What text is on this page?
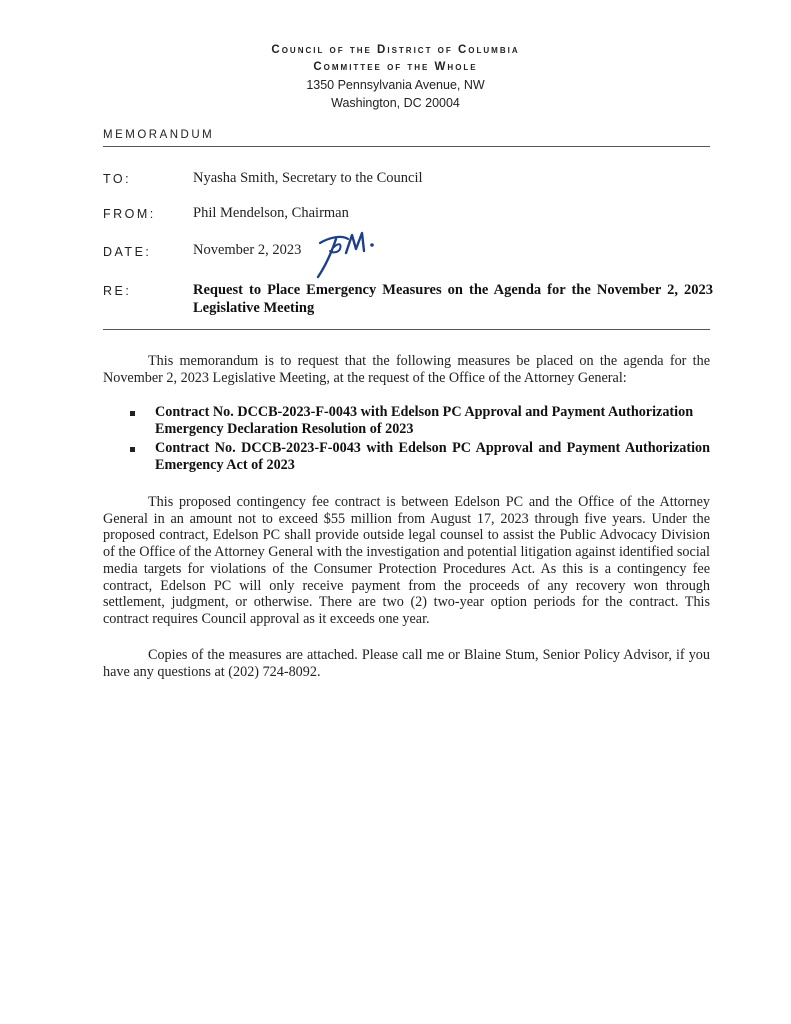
Council of the District of Columbia
Committee of the Whole
1350 Pennsylvania Avenue, NW
Washington, DC 20004
MEMORANDUM
TO:	Nyasha Smith, Secretary to the Council
FROM:	Phil Mendelson, Chairman
DATE:	November 2, 2023
RE:	Request to Place Emergency Measures on the Agenda for the November 2, 2023 Legislative Meeting
This memorandum is to request that the following measures be placed on the agenda for the November 2, 2023 Legislative Meeting, at the request of the Office of the Attorney General:
Contract No. DCCB-2023-F-0043 with Edelson PC Approval and Payment Authorization Emergency Declaration Resolution of 2023
Contract No. DCCB-2023-F-0043 with Edelson PC Approval and Payment Authorization Emergency Act of 2023
This proposed contingency fee contract is between Edelson PC and the Office of the Attorney General in an amount not to exceed $55 million from August 17, 2023 through five years. Under the proposed contract, Edelson PC shall provide outside legal counsel to assist the Public Advocacy Division of the Office of the Attorney General with the investigation and potential litigation against identified social media targets for violations of the Consumer Protection Procedures Act. As this is a contingency fee contract, Edelson PC will only receive payment from the proceeds of any recovery won through settlement, judgment, or otherwise. There are two (2) two-year option periods for the contract. This contract requires Council approval as it exceeds one year.
Copies of the measures are attached. Please call me or Blaine Stum, Senior Policy Advisor, if you have any questions at (202) 724-8092.
